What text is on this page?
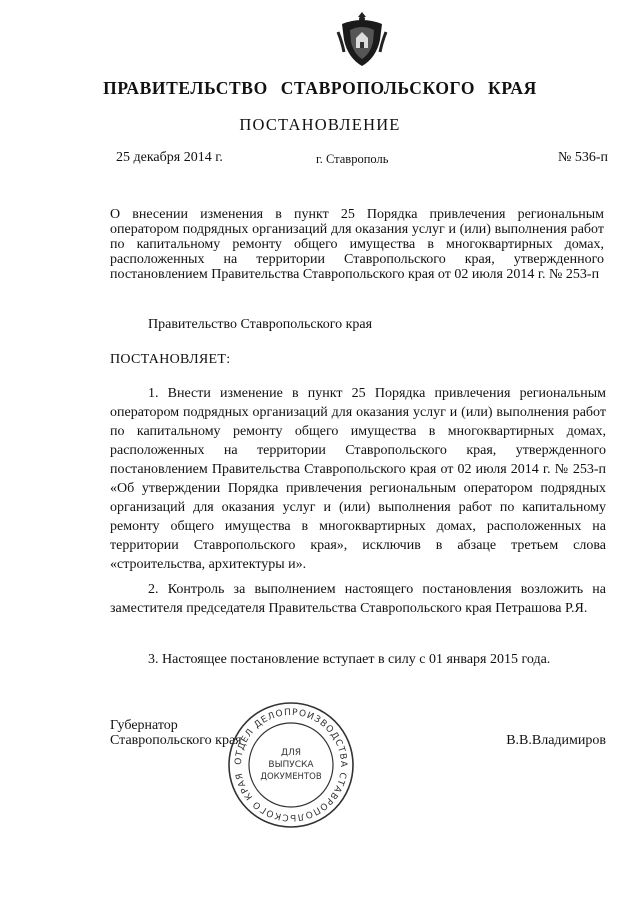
ПРАВИТЕЛЬСТВО СТАВРОПОЛЬСКОГО КРАЯ
ПОСТАНОВЛЕНИЕ
25 декабря 2014 г.	г. Ставрополь	№ 536-п
О внесении изменения в пункт 25 Порядка привлечения региональным оператором подрядных организаций для оказания услуг и (или) выполнения работ по капитальному ремонту общего имущества в многоквартирных домах, расположенных на территории Ставропольского края, утвержденного постановлением Правительства Ставропольского края от 02 июля 2014 г. № 253-п
Правительство Ставропольского края
ПОСТАНОВЛЯЕТ:

1. Внести изменение в пункт 25 Порядка привлечения региональным оператором подрядных организаций для оказания услуг и (или) выполнения работ по капитальному ремонту общего имущества в многоквартирных домах, расположенных на территории Ставропольского края, утвержденного постановлением Правительства Ставропольского края от 02 июля 2014 г. № 253-п «Об утверждении Порядка привлечения региональным оператором подрядных организаций для оказания услуг и (или) выполнения работ по капитальному ремонту общего имущества в многоквартирных домах, расположенных на территории Ставропольского края», исключив в абзаце третьем слова «строительства, архитектуры и».

2. Контроль за выполнением настоящего постановления возложить на заместителя председателя Правительства Ставропольского края Петрашова Р.Я.

3. Настоящее постановление вступает в силу с 01 января 2015 года.

Губернатор
Ставропольского края	В.В.Владимиров
ОТДЕЛ ДЕЛОПРОИЗВОДСТВА СТАВРОПОЛЬСКОГО КРАЯ
ДЛЯ
ВЫПУСКА
ДОКУМЕНТОВ
